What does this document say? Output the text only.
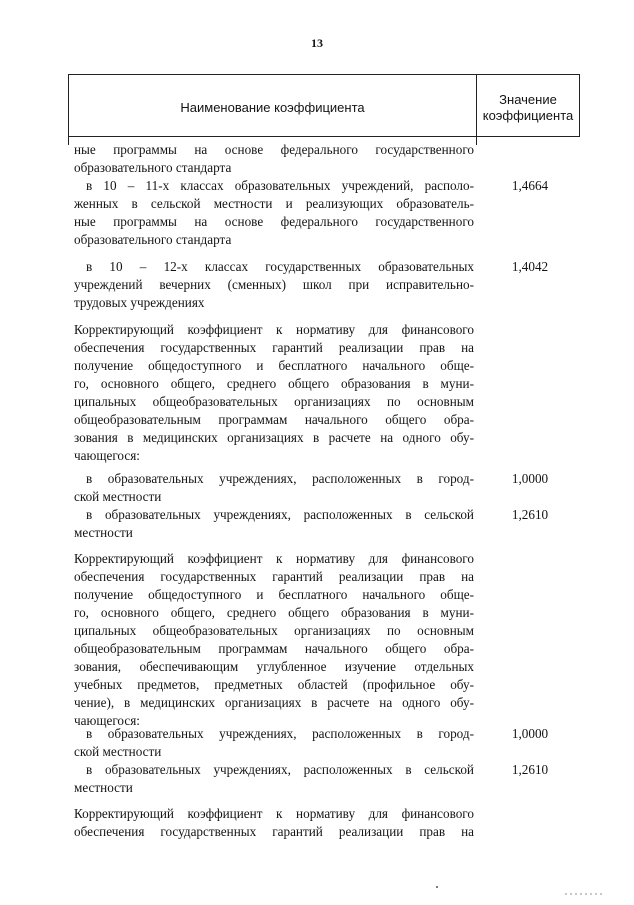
13
Наименование коэффициента
Значение
коэффициента
ные программы на основе федерального государственного
образовательного стандарта
в 10 – 11-х классах образовательных учреждений, располо-
женных в сельской местности и реализующих образователь-
ные программы на основе федерального государственного
образовательного стандарта
1,4664
в 10 – 12-х классах государственных образовательных
учреждений вечерних (сменных) школ при исправительно-
трудовых учреждениях
1,4042
Корректирующий коэффициент к нормативу для финансового
обеспечения государственных гарантий реализации прав на
получение общедоступного и бесплатного начального обще-
го, основного общего, среднего общего образования в муни-
ципальных общеобразовательных организациях по основным
общеобразовательным программам начального общего обра-
зования в медицинских организациях в расчете на одного обу-
чающегося:
в образовательных учреждениях, расположенных в город-
ской местности
1,0000
в образовательных учреждениях, расположенных в сельской
местности
1,2610
Корректирующий коэффициент к нормативу для финансового
обеспечения государственных гарантий реализации прав на
получение общедоступного и бесплатного начального обще-
го, основного общего, среднего общего образования в муни-
ципальных общеобразовательных организациях по основным
общеобразовательным программам начального общего обра-
зования, обеспечивающим углубленное изучение отдельных
учебных предметов, предметных областей (профильное обу-
чение), в медицинских организациях в расчете на одного обу-
чающегося:
в образовательных учреждениях, расположенных в город-
ской местности
1,0000
в образовательных учреждениях, расположенных в сельской
местности
1,2610
Корректирующий коэффициент к нормативу для финансового
обеспечения государственных гарантий реализации прав на
